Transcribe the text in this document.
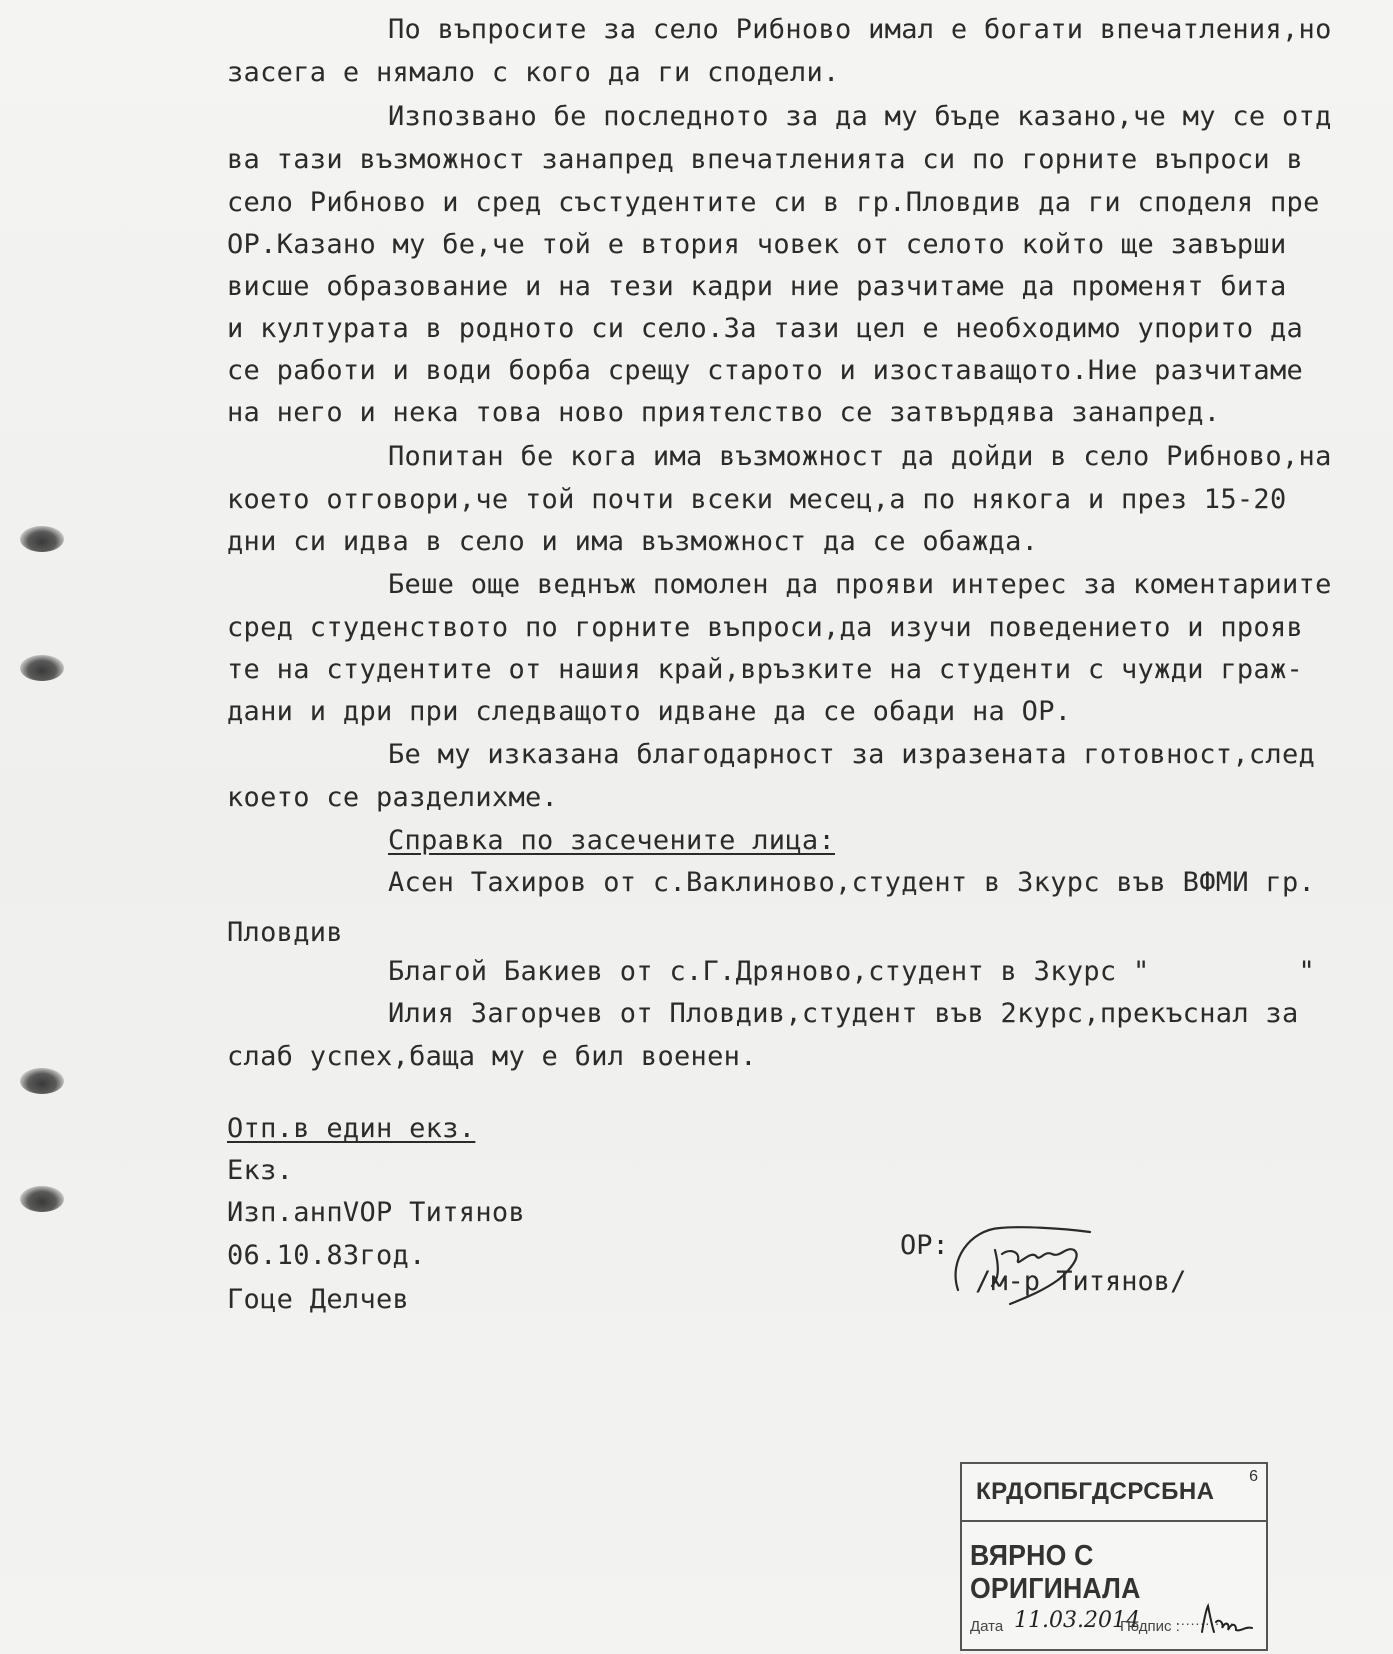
По въпросите за село Рибново имал е богати впечатления,но
засега е нямало с кого да ги сподели.
Изпозвано бе последното за да му бъде казано,че му се отд
ва тази възможност занапред впечатленията си по горните въпроси в
село Рибново и сред състудентите си в гр.Пловдив да ги споделя пре
ОР.Казано му бе,че той е втория човек от селото който ще завърши
висше образование и на тези кадри ние разчитаме да променят бита
и културата в родното си село.За тази цел е необходимо упорито да
се работи и води борба срещу старото и изоставащото.Ние разчитаме
на него и нека това ново приятелство се затвърдява занапред.
Попитан бе кога има възможност да дойди в село Рибново,на
което отговори,че той почти всеки месец,а по някога и през 15-20
дни си идва в село и има възможност да се обажда.
Беше още веднъж помолен да прояви интерес за коментариите
сред студенството по горните въпроси,да изучи поведението и прояв
те на студентите от нашия край,връзките на студенти с чужди граж-
дани и дри при следващото идване да се обади на ОР.
Бе му изказана благодарност за изразената готовност,след
което се разделихме.
Справка по засечените лица:
Асен Тахиров от с.Ваклиново,студент в 3курс във ВФМИ гр.
Пловдив
Благой Бакиев от с.Г.Дряново,студент в 3курс "         "
Илия Загорчев от Пловдив,студент във 2курс,прекъснал за
слаб успех,баща му е бил военен.
Отп.в един екз.
Екз.
Изп.анпVOP Титянов
06.10.83год.
Гоце Делчев
ОР:
/м-р Титянов/
КРДОПБГДСРСБНА
6
ВЯРНО С ОРИГИНАЛА
Дата 11.03.2014
Подпис :
............
